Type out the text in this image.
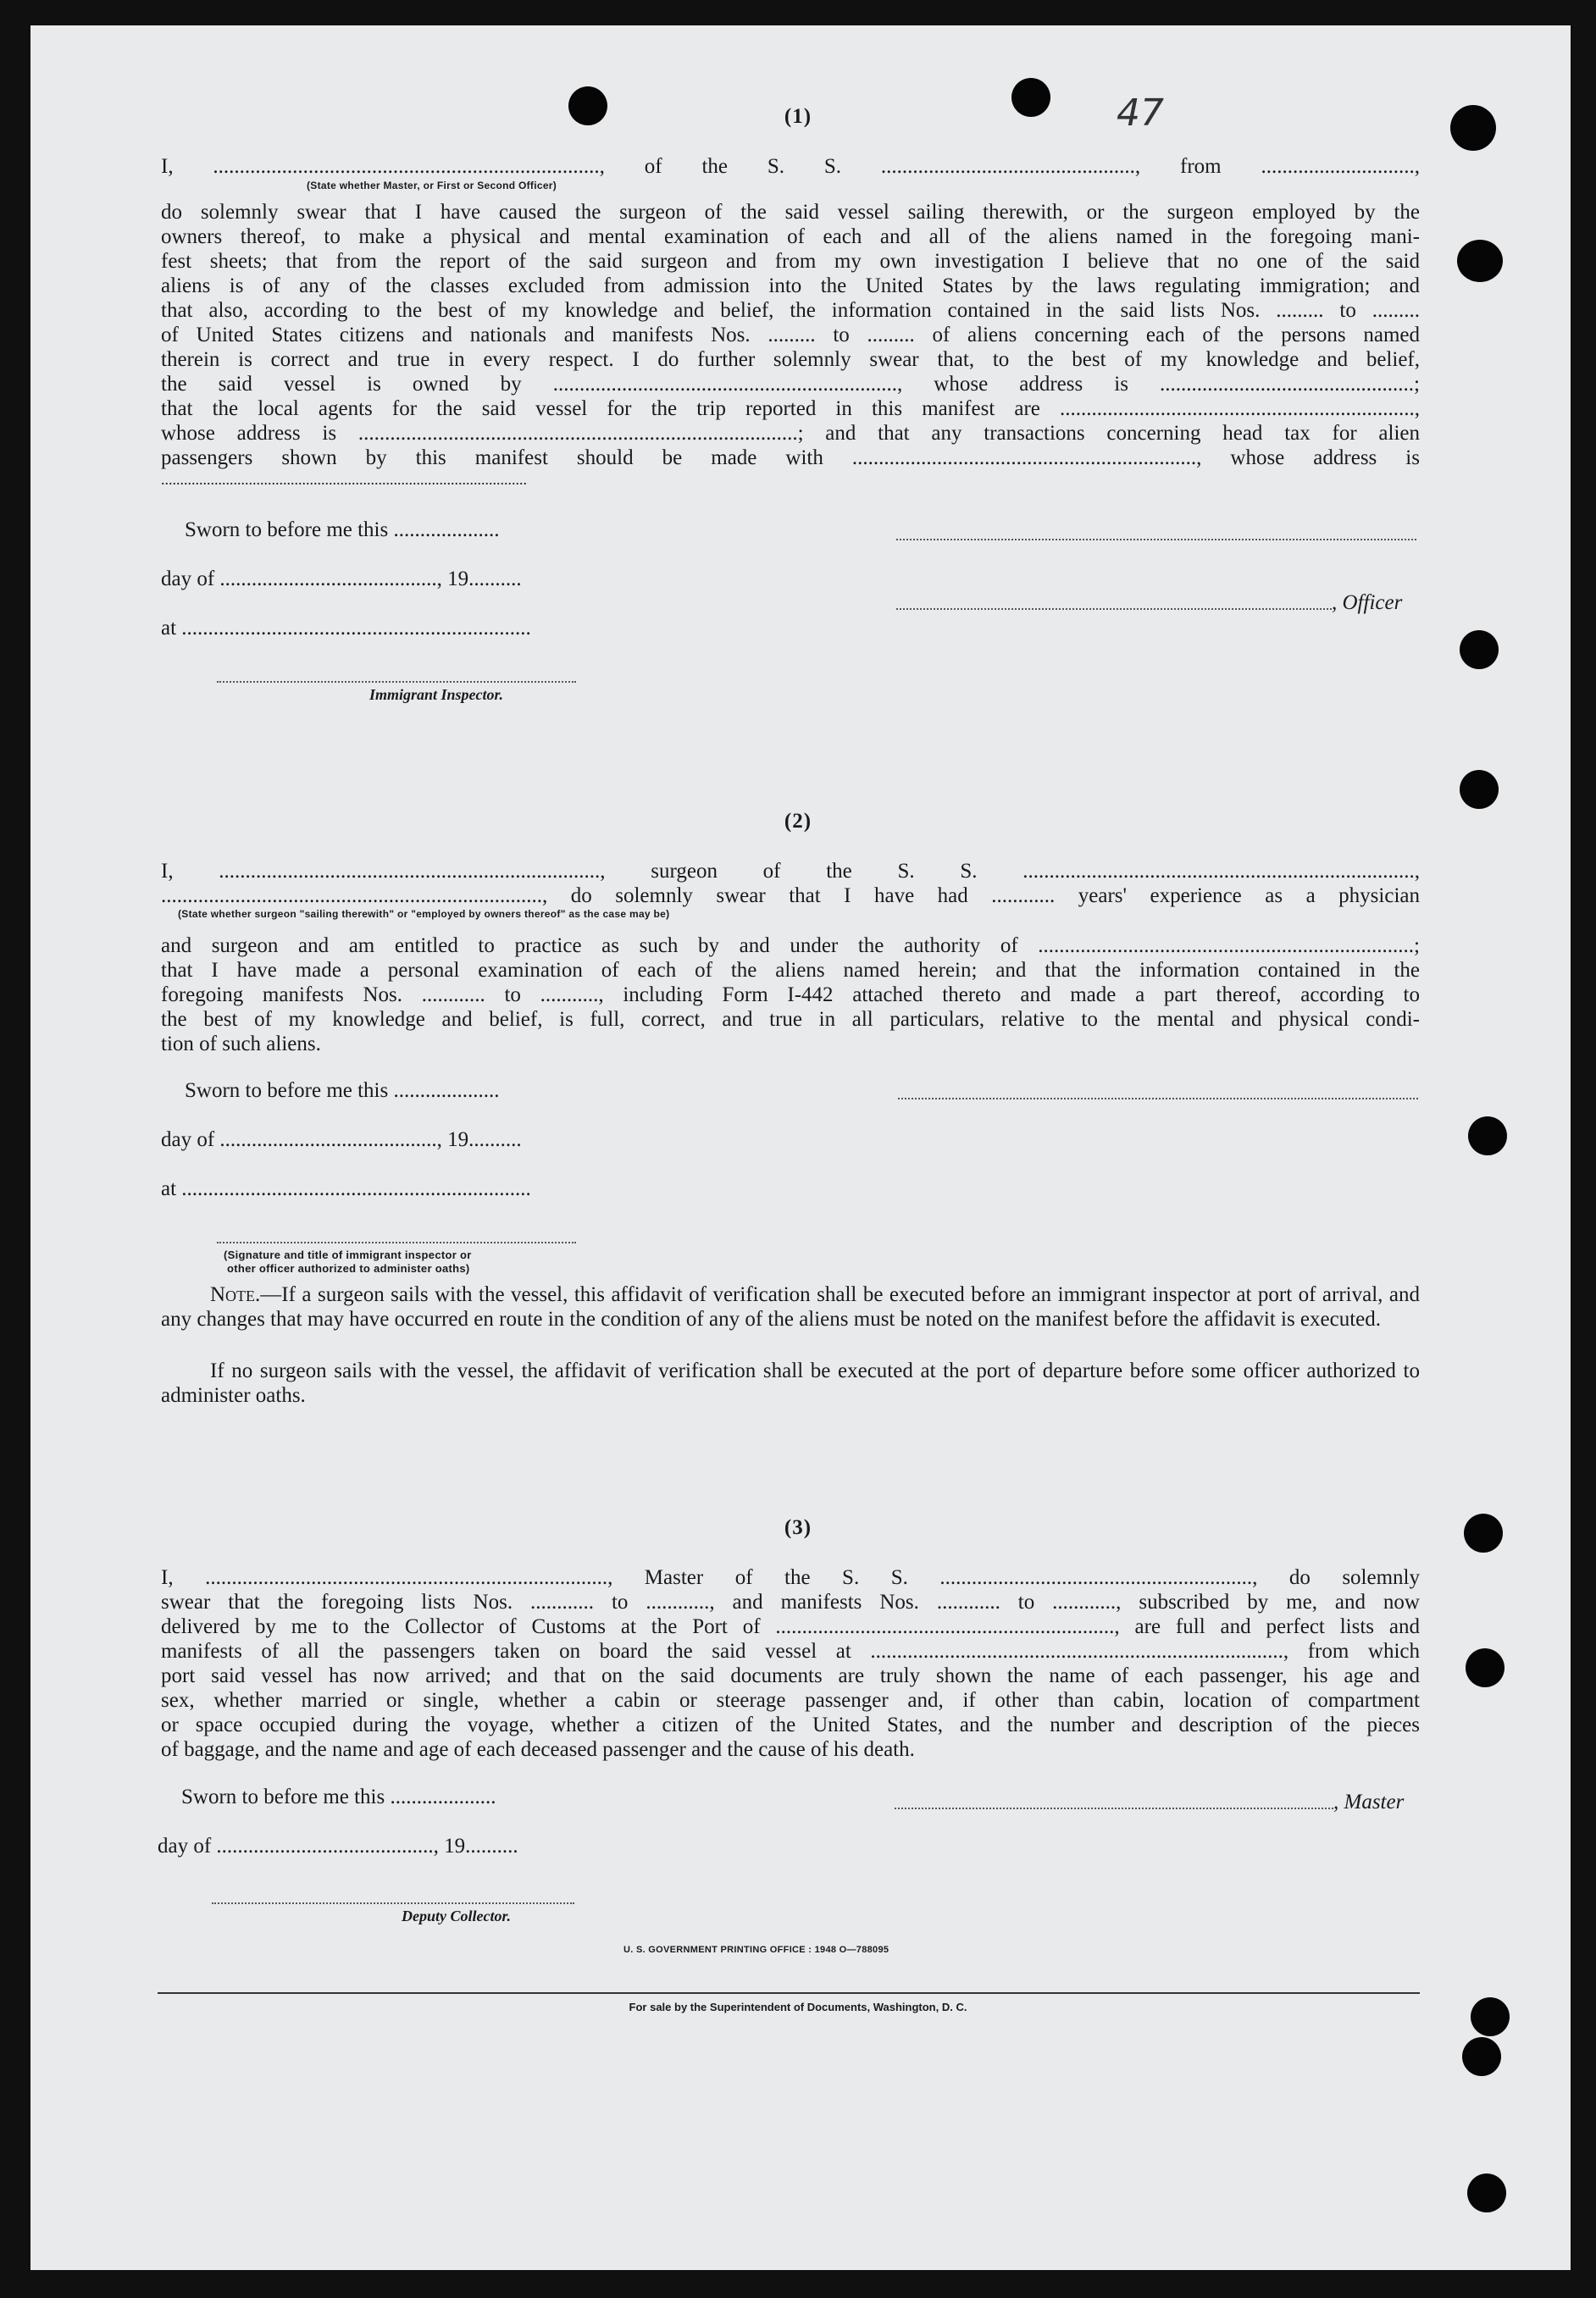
47
(1)
I, ........................................................................., of the S. S. ................................................, from .............................,
(State whether Master, or First or Second Officer)
do solemnly swear that I have caused the surgeon of the said vessel sailing therewith, or the surgeon employed by the
owners thereof, to make a physical and mental examination of each and all of the aliens named in the foregoing mani-
fest sheets; that from the report of the said surgeon and from my own investigation I believe that no one of the said
aliens is of any of the classes excluded from admission into the United States by the laws regulating immigration; and
that also, according to the best of my knowledge and belief, the information contained in the said lists Nos. ......... to .........
of United States citizens and nationals and manifests Nos. ......... to ......... of aliens concerning each of the persons named
therein is correct and true in every respect. I do further solemnly swear that, to the best of my knowledge and belief,
the said vessel is owned by ................................................................., whose address is ................................................;
that the local agents for the said vessel for the trip reported in this manifest are ...................................................................,
whose address is ...................................................................................; and that any transactions concerning head tax for alien
passengers shown by this manifest should be made with ................................................................., whose address is
................................................................................................
Sworn to before me this ....................
day of ........................................., 19..........
at ..................................................................
Immigrant Inspector.
, Officer
(2)
I, ........................................................................, surgeon of the S. S. ..........................................................................,
........................................................................, do solemnly swear that I have had ............ years' experience as a physician
(State whether surgeon "sailing therewith" or "employed by owners thereof" as the case may be)
and surgeon and am entitled to practice as such by and under the authority of .......................................................................;
that I have made a personal examination of each of the aliens named herein; and that the information contained in the
foregoing manifests Nos. ............ to ..........., including Form I-442 attached thereto and made a part thereof, according to
the best of my knowledge and belief, is full, correct, and true in all particulars, relative to the mental and physical condi-
tion of such aliens.
Sworn to before me this ....................
day of ........................................., 19..........
at ..................................................................
(Signature and title of immigrant inspector or
other officer authorized to administer oaths)
Note.—If a surgeon sails with the vessel, this affidavit of verification shall be executed before an immigrant inspector at port of arrival, and any changes that may have occurred en route in the condition of any of the aliens must be noted on the manifest before the affidavit is executed.
If no surgeon sails with the vessel, the affidavit of verification shall be executed at the port of departure before some officer authorized to administer oaths.
(3)
I, ............................................................................, Master of the S. S. ..........................................................., do solemnly
swear that the foregoing lists Nos. ............ to ............, and manifests Nos. ............ to ............, subscribed by me, and now
delivered by me to the Collector of Customs at the Port of ................................................................, are full and perfect lists and
manifests of all the passengers taken on board the said vessel at .............................................................................., from which
port said vessel has now arrived; and that on the said documents are truly shown the name of each passenger, his age and
sex, whether married or single, whether a cabin or steerage passenger and, if other than cabin, location of compartment
or space occupied during the voyage, whether a citizen of the United States, and the number and description of the pieces
of baggage, and the name and age of each deceased passenger and the cause of his death.
Sworn to before me this ....................	, Master
day of ........................................., 19..........
Deputy Collector.
U. S. GOVERNMENT PRINTING OFFICE : 1948 O—788095
For sale by the Superintendent of Documents, Washington, D. C.
